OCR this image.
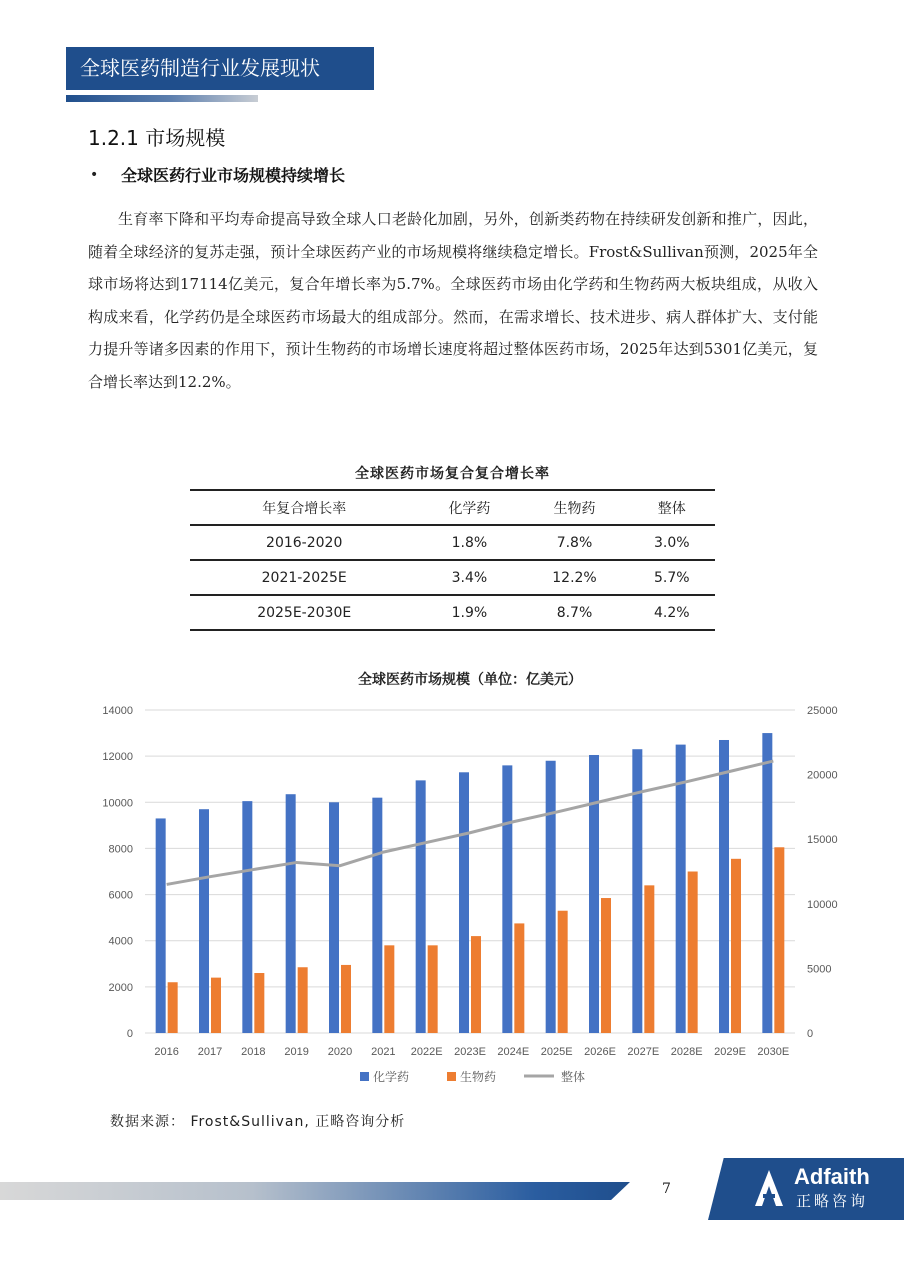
全球医药制造行业发展现状
1.2.1 市场规模
• 全球医药行业市场规模持续增长
生育率下降和平均寿命提高导致全球人口老龄化加剧，另外，创新类药物在持续研发创新和推广，因此，随着全球经济的复苏走强，预计全球医药产业的市场规模将继续稳定增长。Frost&Sullivan预测，2025年全球市场将达到17114亿美元，复合年增长率为5.7%。全球医药市场由化学药和生物药两大板块组成，从收入构成来看，化学药仍是全球医药市场最大的组成部分。然而，在需求增长、技术进步、病人群体扩大、支付能力提升等诸多因素的作用下，预计生物药的市场增长速度将超过整体医药市场，2025年达到5301亿美元，复合增长率达到12.2%。
全球医药市场复合复合增长率
年复合增长率	化学药	生物药	整体
2016-2020	1.8%	7.8%	3.0%
2021-2025E	3.4%	12.2%	5.7%
2025E-2030E	1.9%	8.7%	4.2%
全球医药市场规模（单位：亿美元）
0
2000
4000
6000
8000
10000
12000
14000
0
5000
10000
15000
20000
25000
2016 2017 2018 2019 2020 2021 2022E 2023E 2024E 2025E 2026E 2027E 2028E 2029E 2030E
化学药	生物药	整体
数据来源： Frost&Sullivan, 正略咨询分析
7	Adfaith
正略咨询
